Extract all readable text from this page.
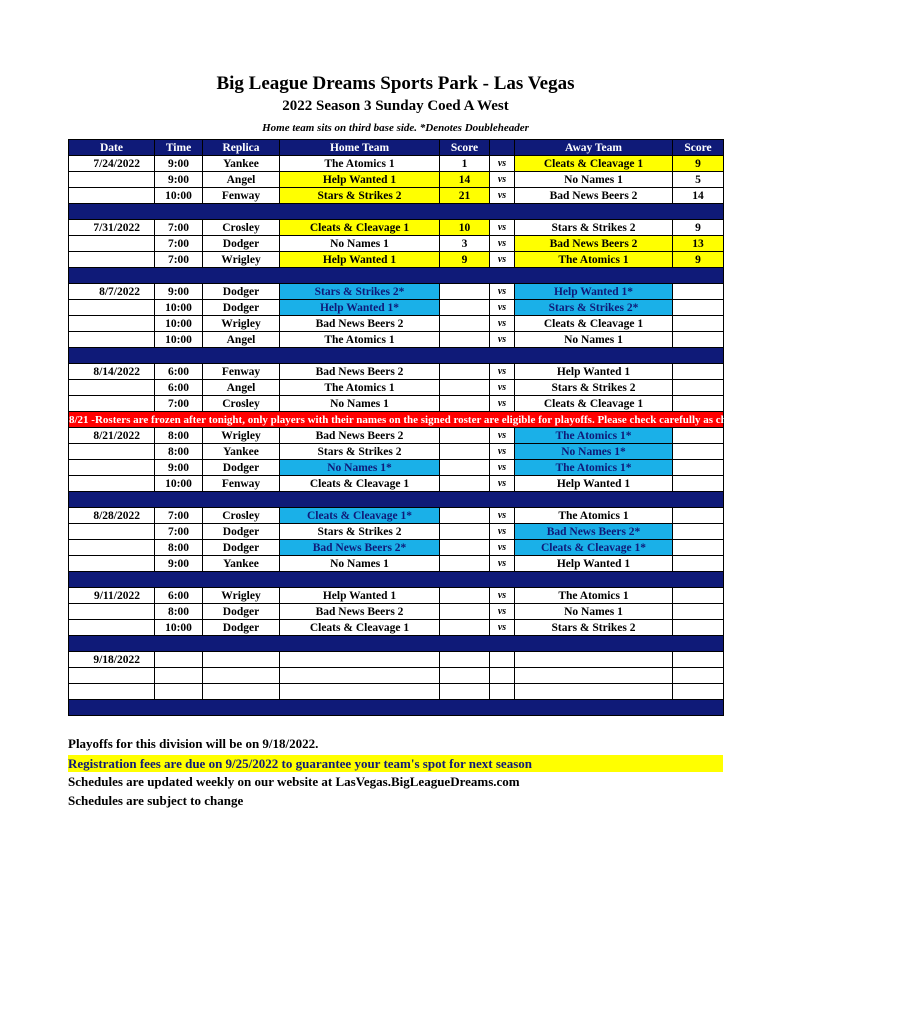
Big League Dreams Sports Park - Las Vegas
2022 Season 3 Sunday Coed A West
Home team sits on third base side. *Denotes Doubleheader
Date	Time	Replica	Home Team	Score		Away Team	Score
7/24/2022	9:00	Yankee	The Atomics 1	1	vs	Cleats & Cleavage 1	9
	9:00	Angel	Help Wanted 1	14	vs	No Names 1	5
	10:00	Fenway	Stars & Strikes 2	21	vs	Bad News Beers 2	14

7/31/2022	7:00	Crosley	Cleats & Cleavage 1	10	vs	Stars & Strikes 2	9
	7:00	Dodger	No Names 1	3	vs	Bad News Beers 2	13
	7:00	Wrigley	Help Wanted 1	9	vs	The Atomics 1	9

8/7/2022	9:00	Dodger	Stars & Strikes 2*		vs	Help Wanted 1*	
	10:00	Dodger	Help Wanted 1*		vs	Stars & Strikes 2*	
	10:00	Wrigley	Bad News Beers 2		vs	Cleats & Cleavage 1	
	10:00	Angel	The Atomics 1		vs	No Names 1	

8/14/2022	6:00	Fenway	Bad News Beers 2		vs	Help Wanted 1	
	6:00	Angel	The Atomics 1		vs	Stars & Strikes 2	
	7:00	Crosley	No Names 1		vs	Cleats & Cleavage 1	
8/21 -Rosters are frozen after tonight, only players with their names on the signed roster are eligible for playoffs. Please check carefully as changes will not be made for omissions.							
8/21/2022	8:00	Wrigley	Bad News Beers 2		vs	The Atomics 1*	
	8:00	Yankee	Stars & Strikes 2		vs	No Names 1*	
	9:00	Dodger	No Names 1*		vs	The Atomics 1*	
	10:00	Fenway	Cleats & Cleavage 1		vs	Help Wanted 1	

8/28/2022	7:00	Crosley	Cleats & Cleavage 1*		vs	The Atomics 1	
	7:00	Dodger	Stars & Strikes 2		vs	Bad News Beers 2*	
	8:00	Dodger	Bad News Beers 2*		vs	Cleats & Cleavage 1*	
	9:00	Yankee	No Names 1		vs	Help Wanted 1	

9/11/2022	6:00	Wrigley	Help Wanted 1		vs	The Atomics 1	
	8:00	Dodger	Bad News Beers 2		vs	No Names 1	
	10:00	Dodger	Cleats & Cleavage 1		vs	Stars & Strikes 2	

9/18/2022							

Playoffs for this division will be on 9/18/2022.
Registration fees are due on 9/25/2022 to guarantee your team's spot for next season
Schedules are updated weekly on our website at LasVegas.BigLeagueDreams.com
Schedules are subject to change
